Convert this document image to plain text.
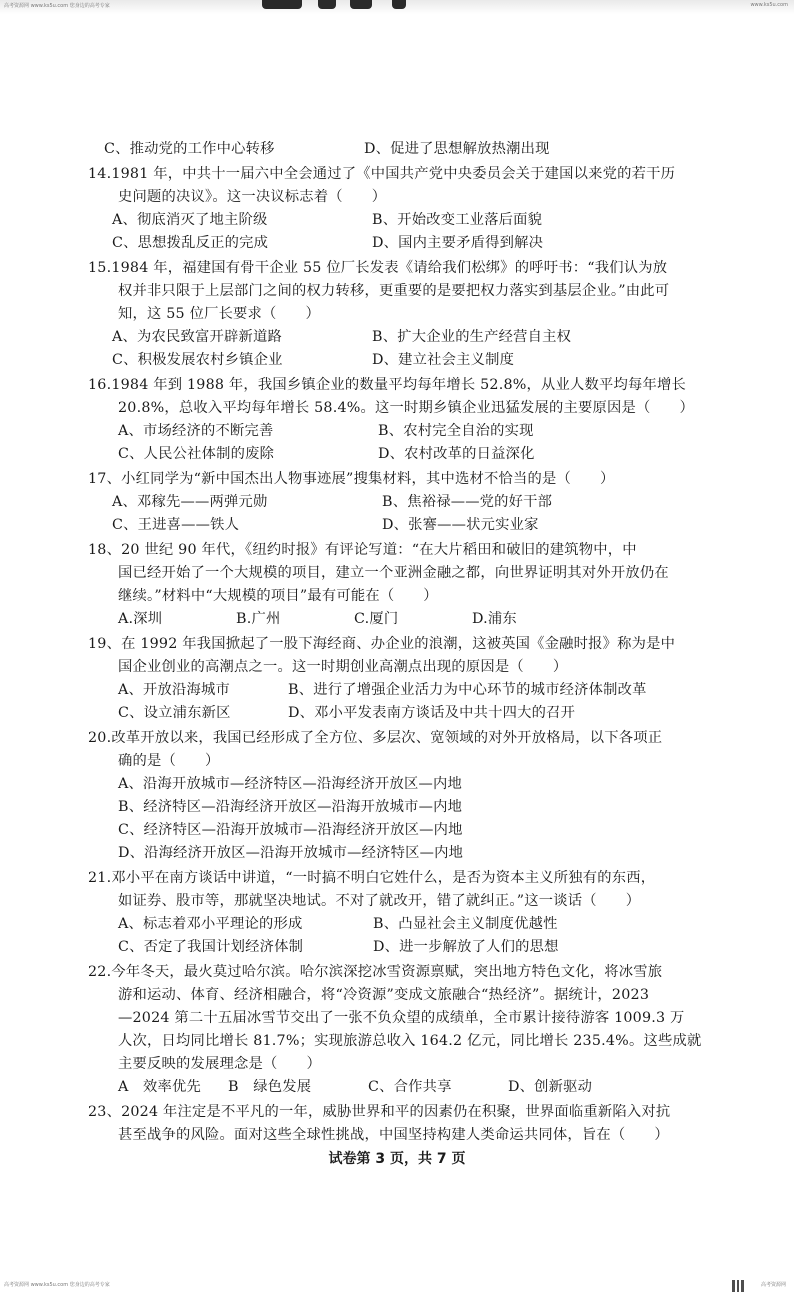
高考资源网 www.ks5u.com 您身边的高考专家	www.ks5u.com
C、推动党的工作中心转移	D、促进了思想解放热潮出现
14.1981 年，中共十一届六中全会通过了《中国共产党中央委员会关于建国以来党的若干历
史问题的决议》。这一决议标志着（　　）
A、彻底消灭了地主阶级	B、开始改变工业落后面貌
C、思想拨乱反正的完成	D、国内主要矛盾得到解决
15.1984 年，福建国有骨干企业 55 位厂长发表《请给我们松绑》的呼吁书：“我们认为放
权并非只限于上层部门之间的权力转移，更重要的是要把权力落实到基层企业。”由此可
知，这 55 位厂长要求（　　）
A、为农民致富开辟新道路	B、扩大企业的生产经营自主权
C、积极发展农村乡镇企业	D、建立社会主义制度
16.1984 年到 1988 年，我国乡镇企业的数量平均每年增长 52.8%，从业人数平均每年增长
20.8%，总收入平均每年增长 58.4%。这一时期乡镇企业迅猛发展的主要原因是（　　）
A、市场经济的不断完善	B、农村完全自治的实现
C、人民公社体制的废除	D、农村改革的日益深化
17、小红同学为“新中国杰出人物事迹展”搜集材料，其中选材不恰当的是（　　）
A、邓稼先——两弹元勋	B、焦裕禄——党的好干部
C、王进喜——铁人	D、张謇——状元实业家
18、20 世纪 90 年代，《纽约时报》有评论写道：“在大片稻田和破旧的建筑物中，中
国已经开始了一个大规模的项目，建立一个亚洲金融之都，向世界证明其对外开放仍在
继续。”材料中“大规模的项目”最有可能在（　　）
A.深圳	B.广州	C.厦门	D.浦东
19、在 1992 年我国掀起了一股下海经商、办企业的浪潮，这被英国《金融时报》称为是中
国企业创业的高潮点之一。这一时期创业高潮点出现的原因是（　　）
A、开放沿海城市	B、进行了增强企业活力为中心环节的城市经济体制改革
C、设立浦东新区	D、邓小平发表南方谈话及中共十四大的召开
20.改革开放以来，我国已经形成了全方位、多层次、宽领域的对外开放格局，以下各项正
确的是（　　）
A、沿海开放城市—经济特区—沿海经济开放区—内地
B、经济特区—沿海经济开放区—沿海开放城市—内地
C、经济特区—沿海开放城市—沿海经济开放区—内地
D、沿海经济开放区—沿海开放城市—经济特区—内地
21.邓小平在南方谈话中讲道，“一时搞不明白它姓什么，是否为资本主义所独有的东西，
如证券、股市等，那就坚决地试。不对了就改开，错了就纠正。”这一谈话（　　）
A、标志着邓小平理论的形成	B、凸显社会主义制度优越性
C、否定了我国计划经济体制	D、进一步解放了人们的思想
22.今年冬天，最火莫过哈尔滨。哈尔滨深挖冰雪资源禀赋，突出地方特色文化，将冰雪旅
游和运动、体育、经济相融合，将“冷资源”变成文旅融合“热经济”。据统计，2023
—2024 第二十五届冰雪节交出了一张不负众望的成绩单，全市累计接待游客 1009.3 万
人次，日均同比增长 81.7%；实现旅游总收入 164.2 亿元，同比增长 235.4%。这些成就
主要反映的发展理念是（　　）
A　效率优先	B　绿色发展	C、合作共享	D、创新驱动
23、2024 年注定是不平凡的一年，威胁世界和平的因素仍在积聚，世界面临重新陷入对抗
甚至战争的风险。面对这些全球性挑战，中国坚持构建人类命运共同体，旨在（　　）
试卷第 3 页，共 7 页
高考资源网 www.ks5u.com 您身边的高考专家	高考资源网
